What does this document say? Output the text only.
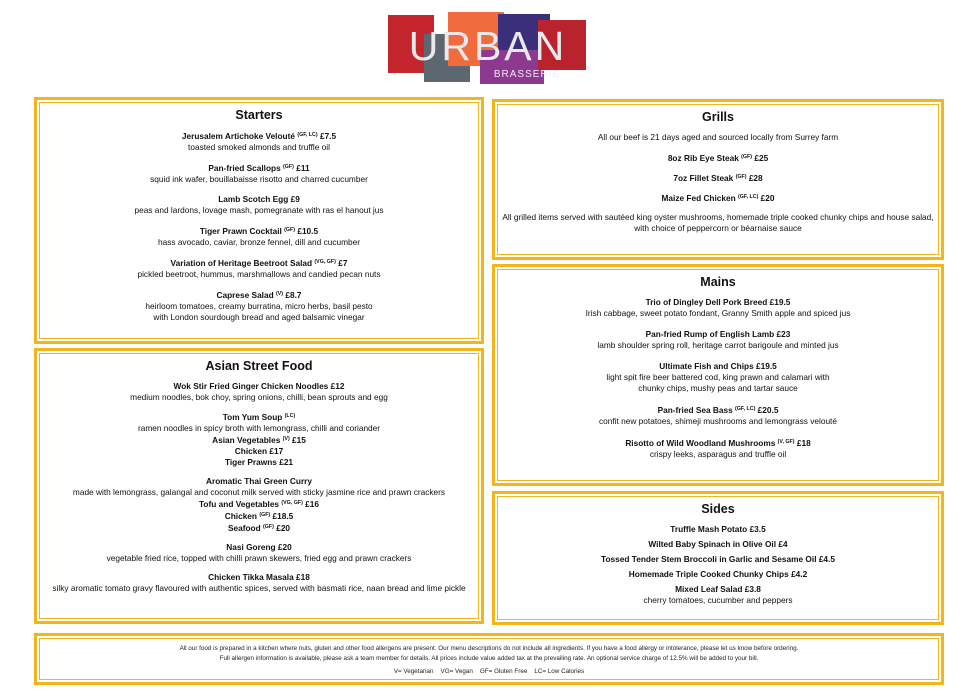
URBAN
BRASSERIE
Starters
Jerusalem Artichoke Velouté $^{(GF, LC)}$ £7.5
toasted smoked almonds and truffle oil
Pan-fried Scallops $^{(GF)}$ £11
squid ink wafer, bouillabaisse risotto and charred cucumber
Lamb Scotch Egg £9
peas and lardons, lovage mash, pomegranate with ras el hanout jus
Tiger Prawn Cocktail $^{(GF)}$ £10.5
hass avocado, caviar, bronze fennel, dill and cucumber
Variation of Heritage Beetroot Salad $^{(VG, GF)}$ £7
pickled beetroot, hummus, marshmallows and candied pecan nuts
Caprese Salad $^{(V)}$ £8.7
heirloom tomatoes, creamy burratina, micro herbs, basil pesto
with London sourdough bread and aged balsamic vinegar
Asian Street Food
Wok Stir Fried Ginger Chicken Noodles £12
medium noodles, bok choy, spring onions, chilli, bean sprouts and egg
Tom Yum Soup $^{(LC)}$
ramen noodles in spicy broth with lemongrass, chilli and coriander
Asian Vegetables $^{(V)}$ £15
Chicken £17
Tiger Prawns £21
Aromatic Thai Green Curry
made with lemongrass, galangal and coconut milk served with sticky jasmine rice and prawn crackers
Tofu and Vegetables $^{(VG, GF)}$ £16
Chicken $^{(GF)}$ £18.5
Seafood $^{(GF)}$ £20
Nasi Goreng £20
vegetable fried rice, topped with chilli prawn skewers, fried egg and prawn crackers
Chicken Tikka Masala £18
silky aromatic tomato gravy flavoured with authentic spices, served with basmati rice, naan bread and lime pickle
Grills
All our beef is 21 days aged and sourced locally from Surrey farm
8oz Rib Eye Steak $^{(GF)}$ £25
7oz Fillet Steak $^{(GF)}$ £28
Maize Fed Chicken $^{(GF, LC)}$ £20
All grilled items served with sautéed king oyster mushrooms, homemade triple cooked chunky chips and house salad,
with choice of peppercorn or béarnaise sauce
Mains
Trio of Dingley Dell Pork Breed £19.5
Irish cabbage, sweet potato fondant, Granny Smith apple and spiced jus
Pan-fried Rump of English Lamb £23
lamb shoulder spring roll, heritage carrot barigoule and minted jus
Ultimate Fish and Chips £19.5
light spit fire beer battered cod, king prawn and calamari with
chunky chips, mushy peas and tartar sauce
Pan-fried Sea Bass $^{(GF, LC)}$ £20.5
confit new potatoes, shimeji mushrooms and lemongrass velouté
Risotto of Wild Woodland Mushrooms $^{(V, GF)}$ £18
crispy leeks, asparagus and truffle oil
Sides
Truffle Mash Potato £3.5
Wilted Baby Spinach in Olive Oil £4
Tossed Tender Stem Broccoli in Garlic and Sesame Oil £4.5
Homemade Triple Cooked Chunky Chips £4.2
Mixed Leaf Salad £3.8
cherry tomatoes, cucumber and peppers
All our food is prepared in a kitchen where nuts, gluten and other food allergens are present. Our menu descriptions do not include all ingredients. If you have a food allergy or intolerance, please let us know before ordering.
Full allergen information is available, please ask a team member for details. All prices include value added tax at the prevailing rate. An optional service charge of 12.5% will be added to your bill.
V= Vegetarian    VG= Vegan    GF= Gluten Free    LC= Low Calories
